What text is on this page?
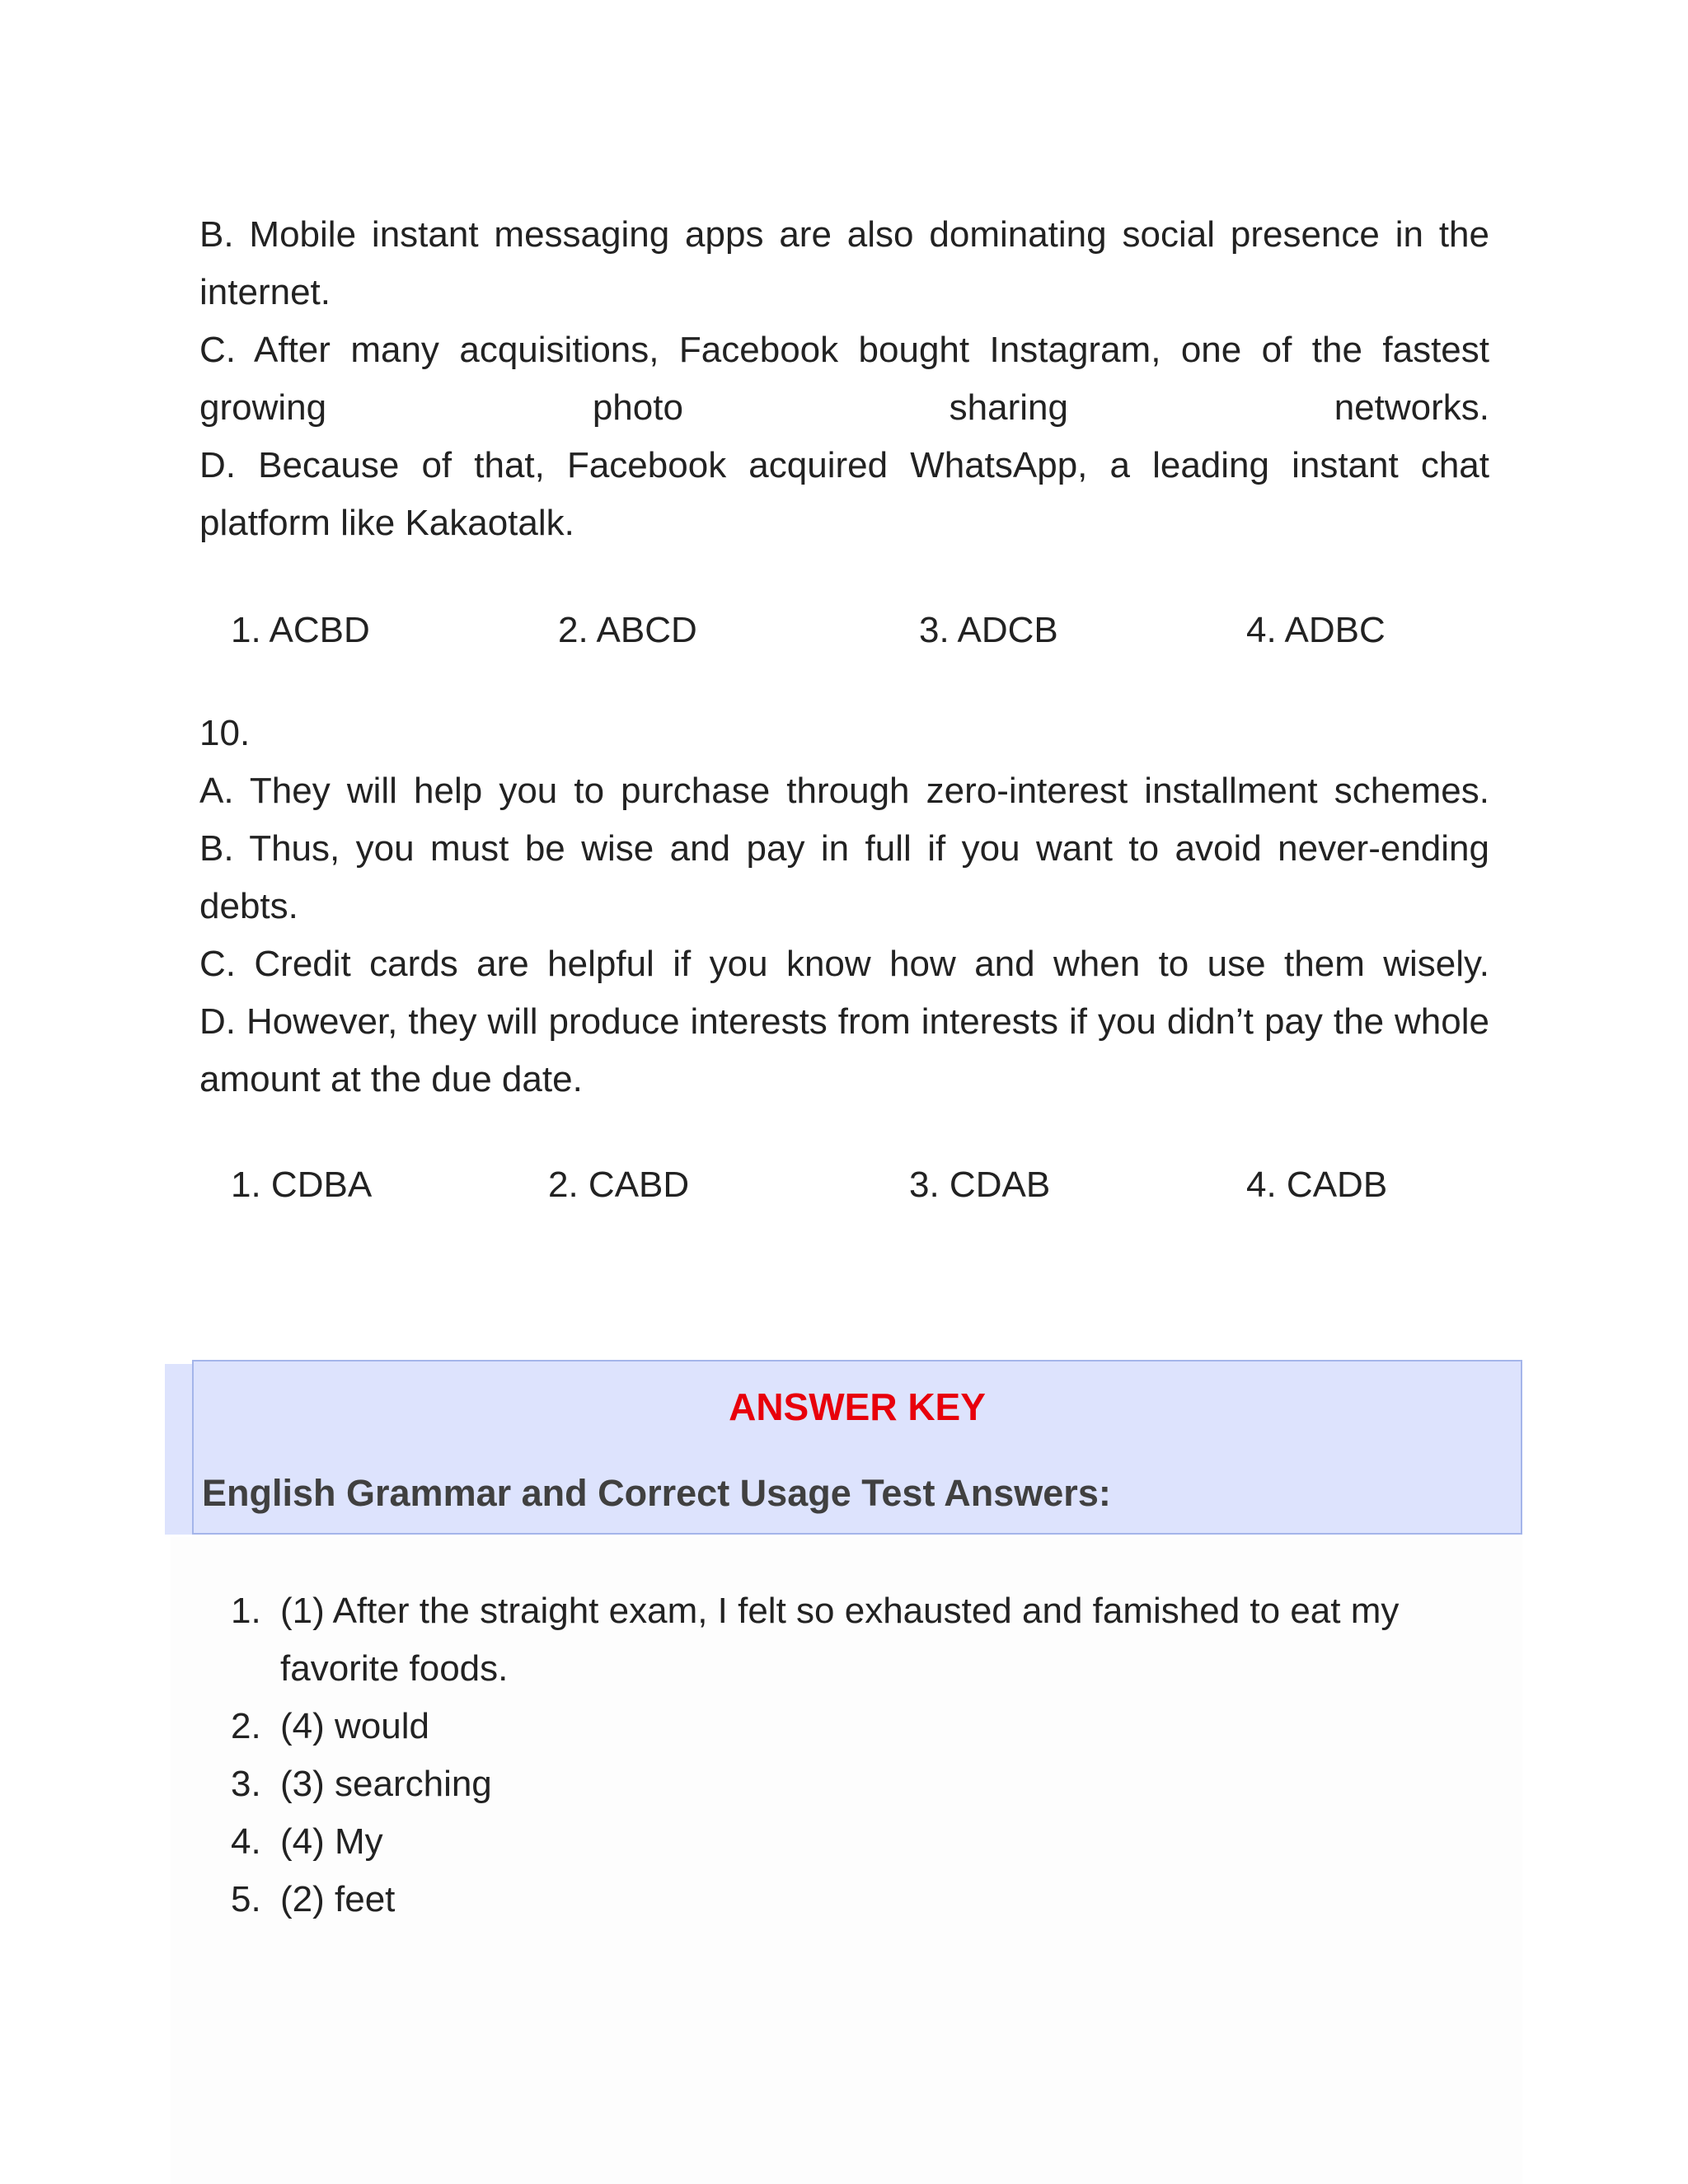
B. Mobile instant messaging apps are also dominating social presence in the

internet.

C. After many acquisitions, Facebook bought Instagram, one of the fastest

growing photo sharing networks.

D. Because of that, Facebook acquired WhatsApp, a leading instant chat

platform like Kakaotalk.

1. ACBD	2. ABCD	3. ADCB	4. ADBC

10.

A. They will help you to purchase through zero-interest installment schemes.

B. Thus, you must be wise and pay in full if you want to avoid never-ending

debts.

C. Credit cards are helpful if you know how and when to use them wisely.

D. However, they will produce interests from interests if you didn’t pay the whole

amount at the due date.

1. CDBA	2. CABD	3. CDAB	4. CADB
ANSWER KEY
English Grammar and Correct Usage Test Answers:
1. (1) After the straight exam, I felt so exhausted and famished to eat my
favorite foods.
2. (4) would
3. (3) searching
4. (4) My
5. (2) feet
